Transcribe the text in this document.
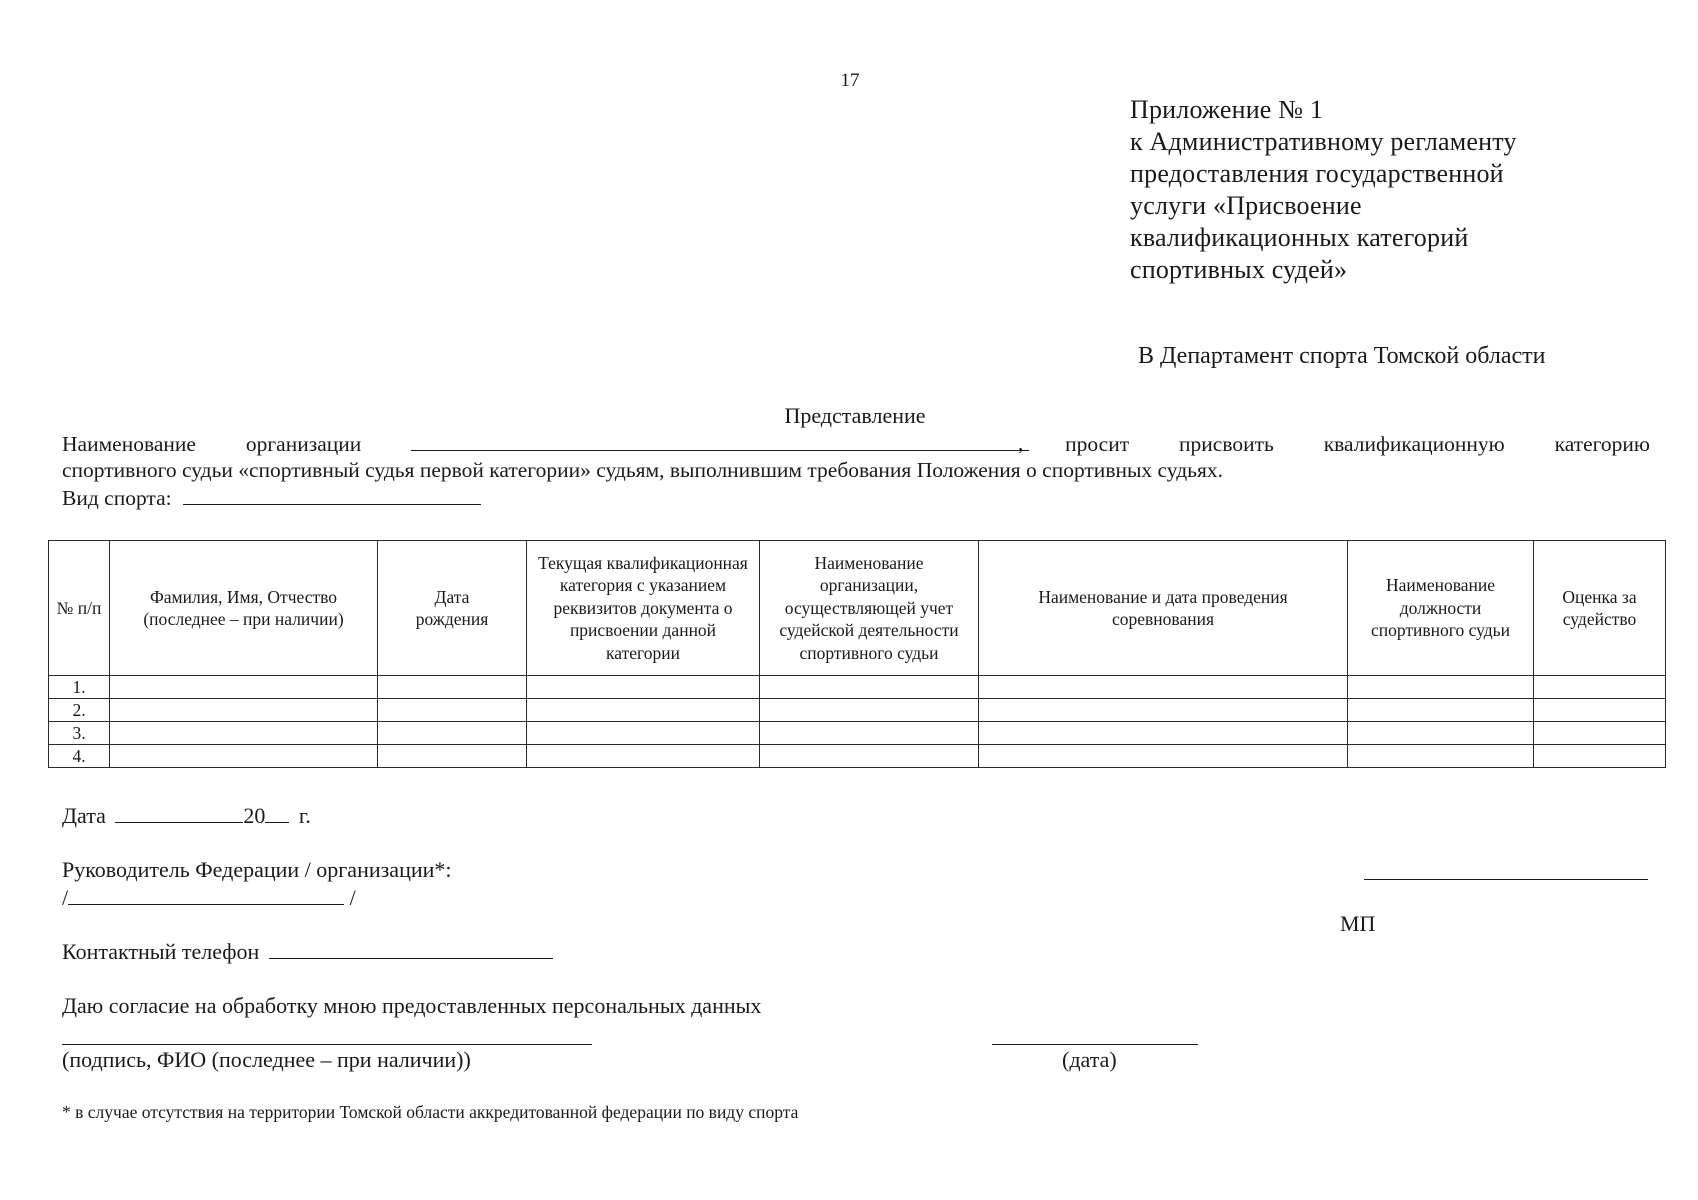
17
Приложение № 1
к Административному регламенту
предоставления государственной
услуги «Присвоение
квалификационных категорий
спортивных судей»
В Департамент спорта Томской области
Представление
Наименование организации	просит присвоить квалификационную категорию
,
спортивного судьи «спортивный судья первой категории» судьям, выполнившим требования Положения о спортивных судьях.
Вид спорта:
№ п/п	Фамилия, Имя, Отчество (последнее – при наличии)	Дата рождения	Текущая квалификационная категория с указанием реквизитов документа о присвоении данной категории	Наименование организации, осуществляющей учет судейской деятельности спортивного судьи	Наименование и дата проведения соревнования	Наименование должности спортивного судьи	Оценка за судейство
1.							
2.							
3.							
4.							
Дата	20 г.
Руководитель Федерации / организации*:
/	/
МП
Контактный телефон
Даю согласие на обработку мною предоставленных персональных данных
(подпись, ФИО (последнее – при наличии))	(дата)
* в случае отсутствия на территории Томской области аккредитованной федерации по виду спорта
